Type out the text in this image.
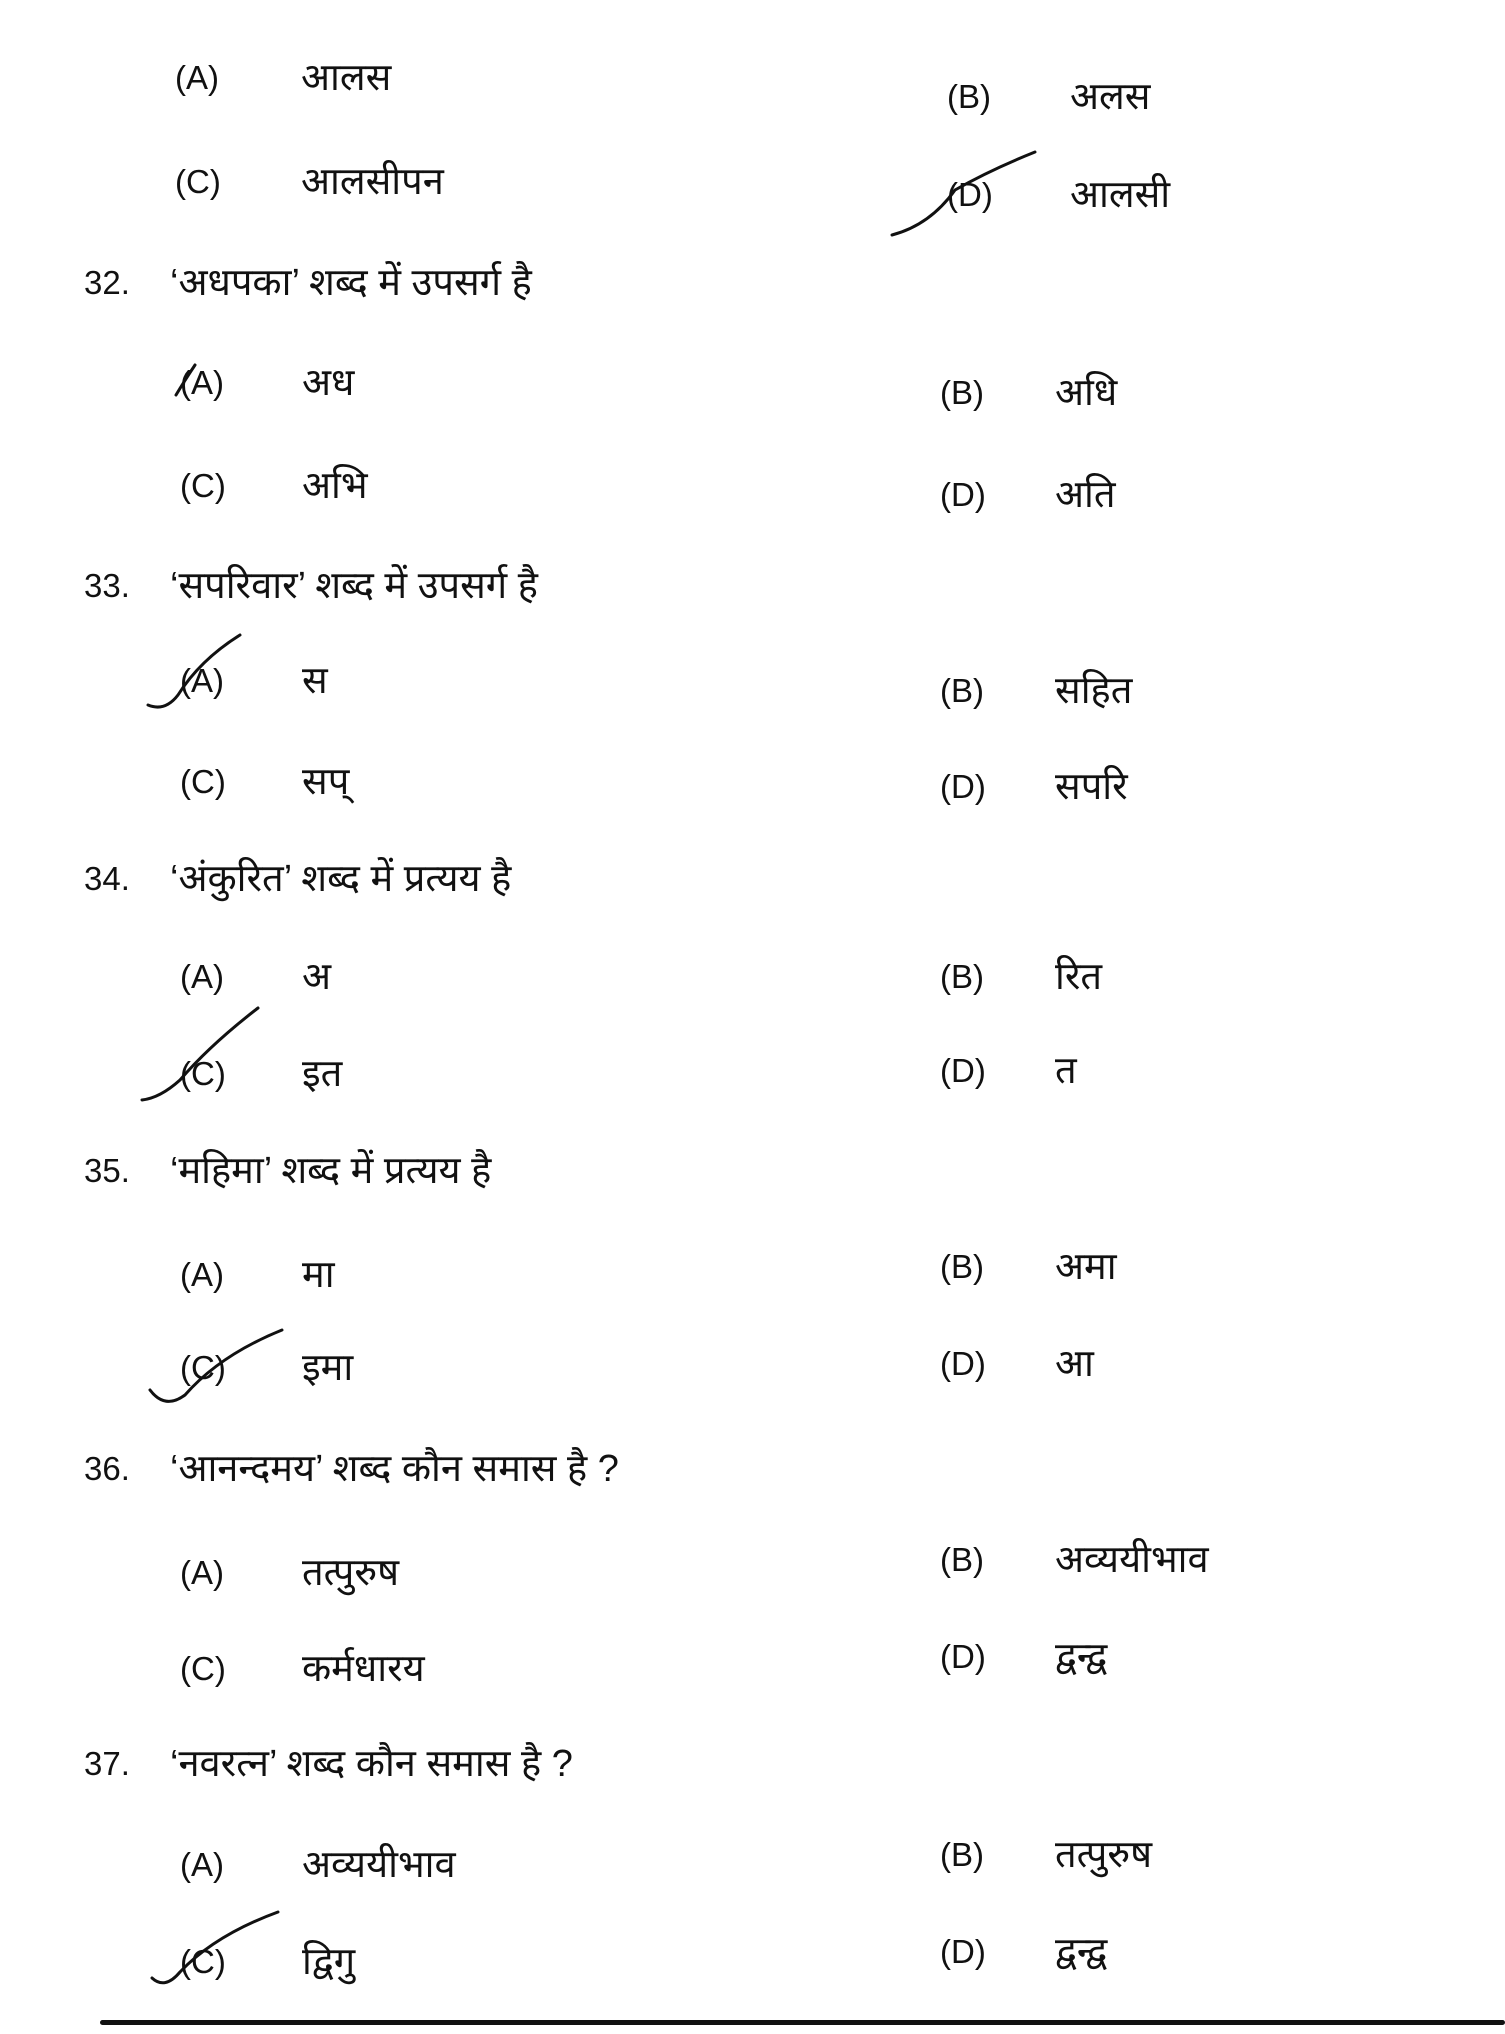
(A) आलस	(B) अलस
(C) आलसीपन	(D) आलसी
32. ‘अधपका’ शब्द में उपसर्ग है
(A) अध	(B) अधि
(C) अभि	(D) अति
33. ‘सपरिवार’ शब्द में उपसर्ग है
(A) स	(B) सहित
(C) सप्	(D) सपरि
34. ‘अंकुरित’ शब्द में प्रत्यय है
(A) अ	(B) रित
(C) इत	(D) त
35. ‘महिमा’ शब्द में प्रत्यय है
(A) मा	(B) अमा
(C) इमा	(D) आ
36. ‘आनन्दमय’ शब्द कौन समास है ?
(A) तत्पुरुष	(B) अव्ययीभाव
(C) कर्मधारय	(D) द्वन्द्व
37. ‘नवरत्न’ शब्द कौन समास है ?
(A) अव्ययीभाव	(B) तत्पुरुष
(C) द्विगु	(D) द्वन्द्व
